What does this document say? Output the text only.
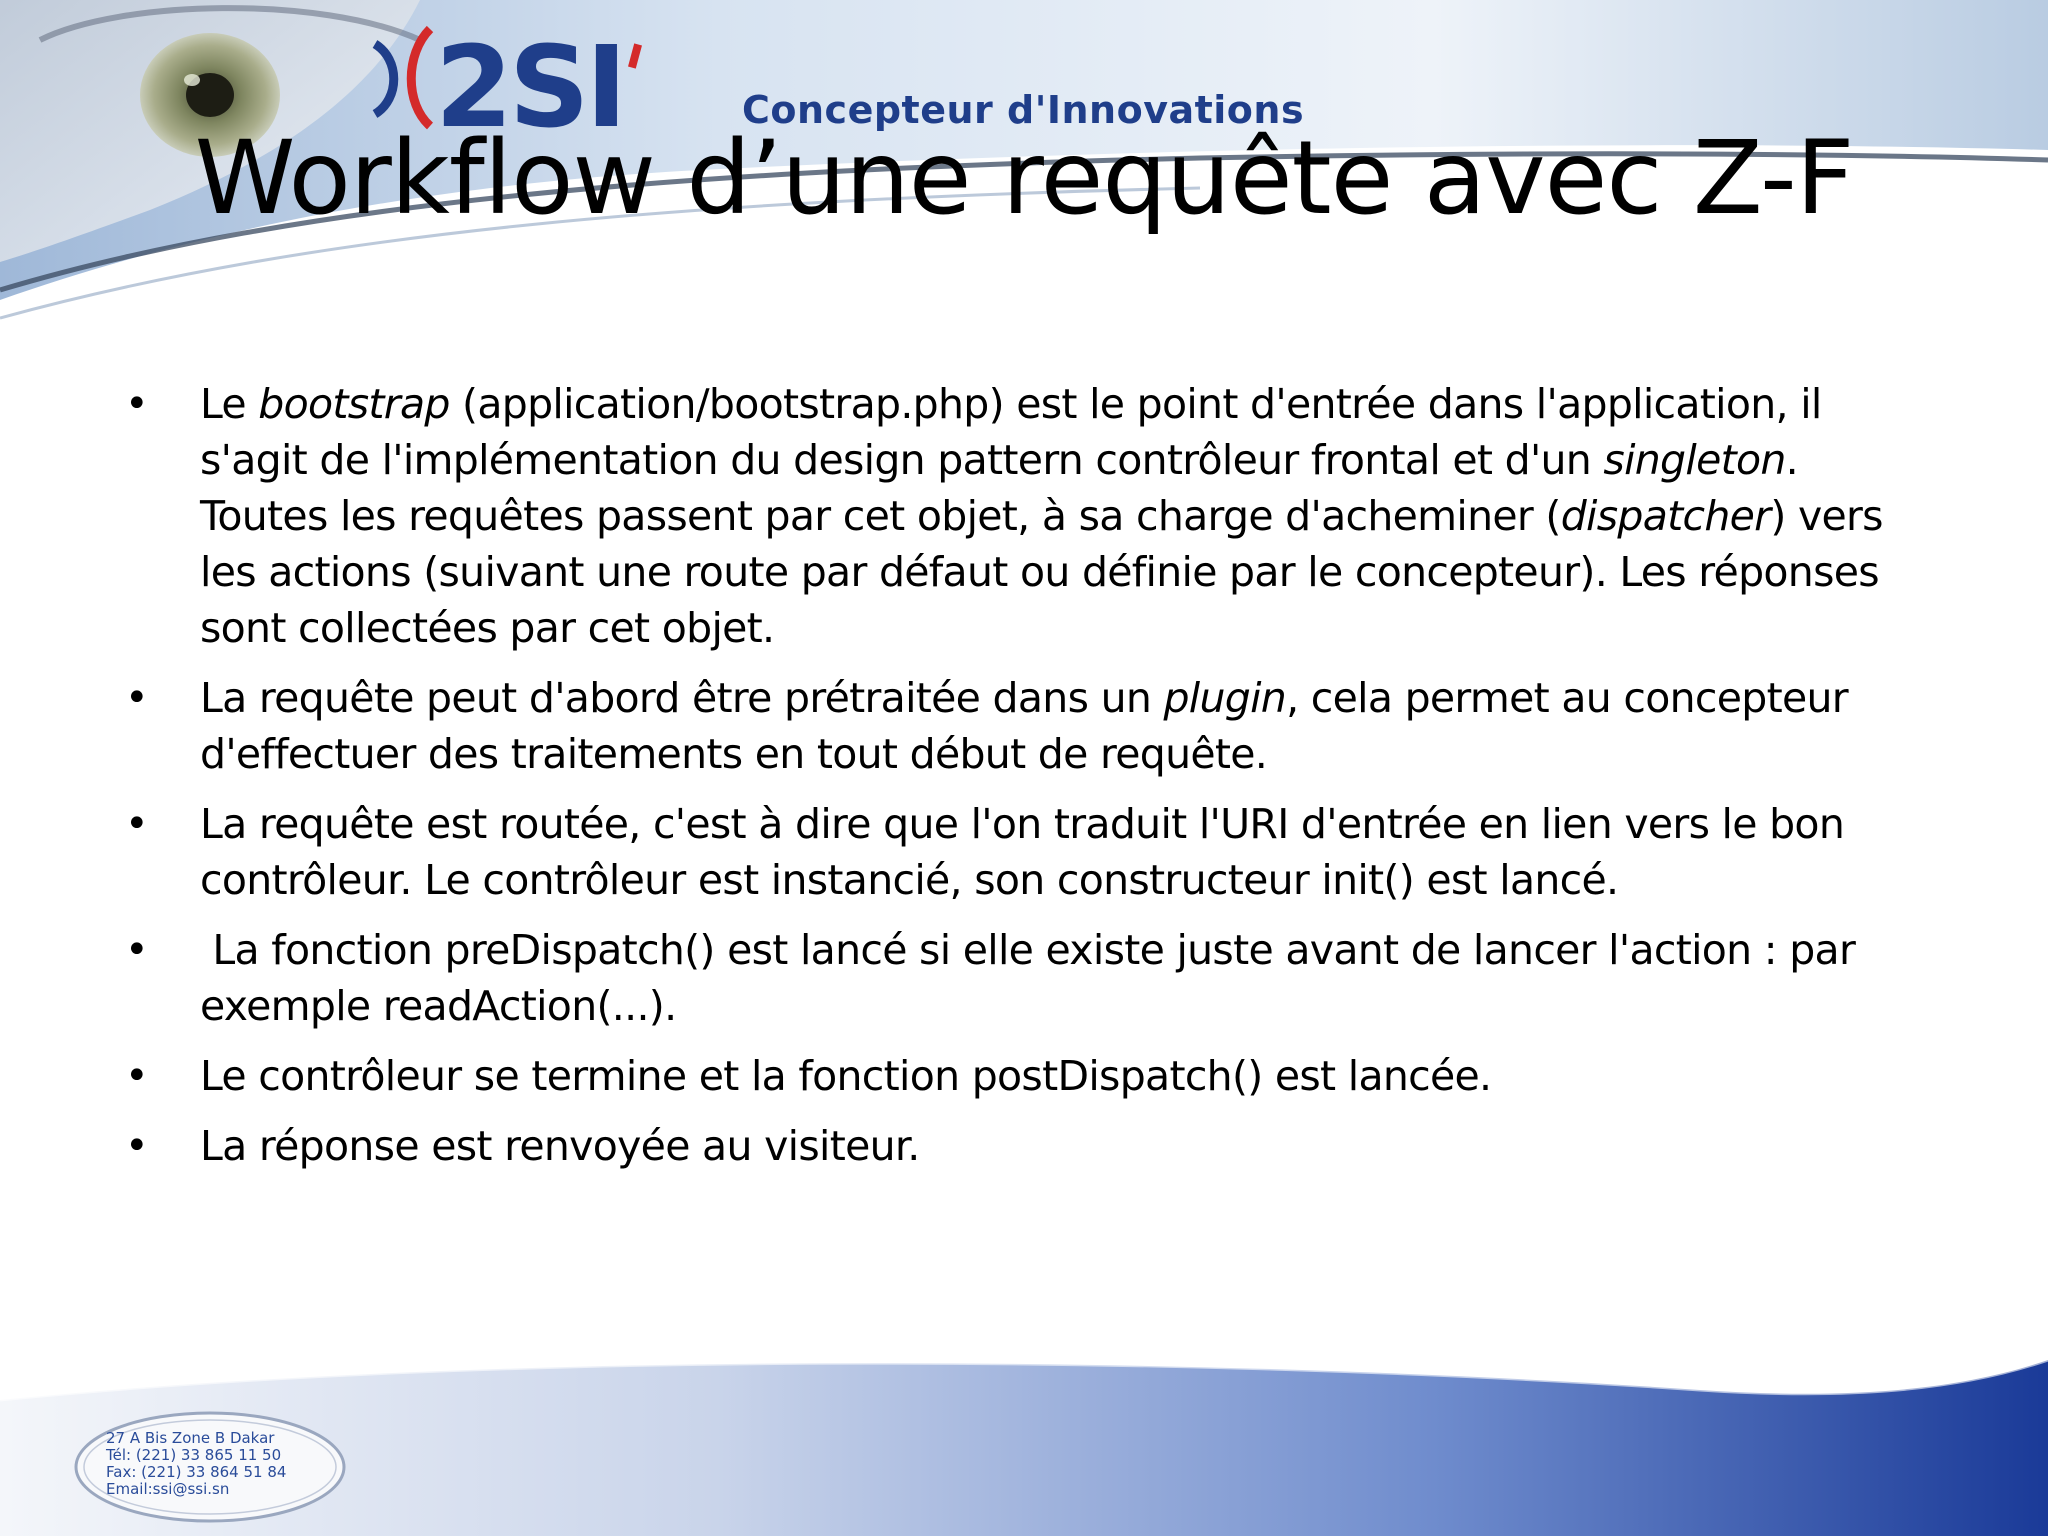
2SI	Concepteur d'Innovations
Workflow d’une requête avec Z-F
• Le bootstrap (application/bootstrap.php) est le point d'entrée dans l'application, il s'agit de l'implémentation du design pattern contrôleur frontal et d'un singleton. Toutes les requêtes passent par cet objet, à sa charge d'acheminer (dispatcher) vers les actions (suivant une route par défaut ou définie par le concepteur). Les réponses sont collectées par cet objet.
• La requête peut d'abord être prétraitée dans un plugin, cela permet au concepteur d'effectuer des traitements en tout début de requête.
• La requête est routée, c'est à dire que l'on traduit l'URI d'entrée en lien vers le bon contrôleur. Le contrôleur est instancié, son constructeur init() est lancé.
• La fonction preDispatch() est lancé si elle existe juste avant de lancer l'action : par exemple readAction(...).
• Le contrôleur se termine et la fonction postDispatch() est lancée.
• La réponse est renvoyée au visiteur.
27 A Bis Zone B Dakar
Tél: (221) 33 865 11 50
Fax: (221) 33 864 51 84
Email:ssi@ssi.sn
